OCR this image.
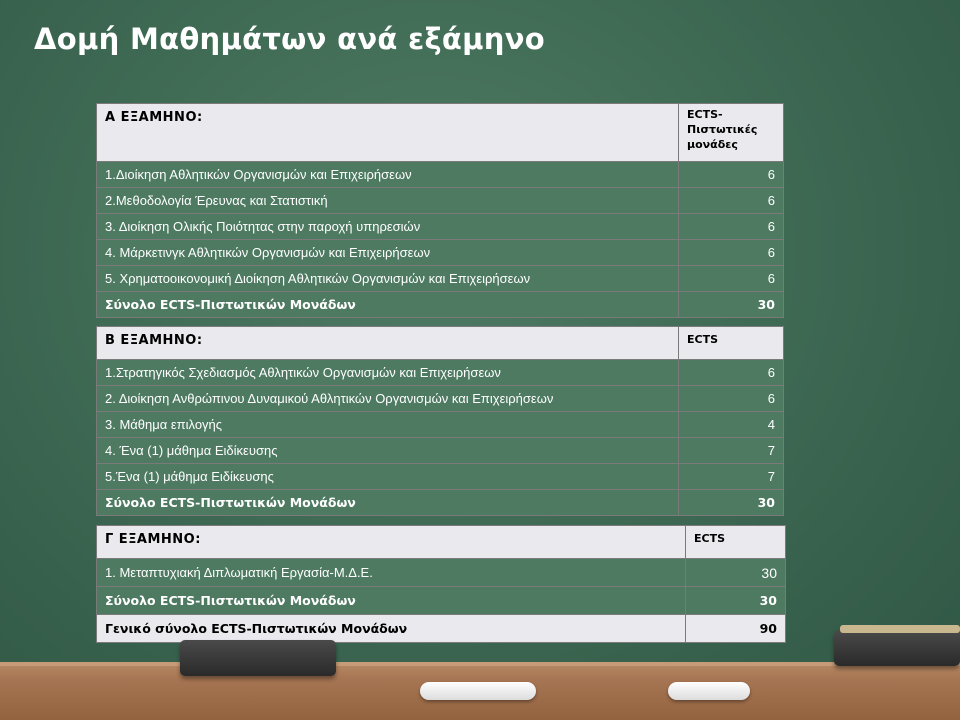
Δομή Μαθημάτων ανά εξάμηνο
Α ΕΞΑΜΗΝΟ:	ECTS-
Πιστωτικές
μονάδες
1.Διοίκηση Αθλητικών Οργανισμών και Επιχειρήσεων	6
2.Μεθοδολογία Έρευνας και Στατιστική	6
3. Διοίκηση Ολικής Ποιότητας στην παροχή υπηρεσιών	6
4. Μάρκετινγκ Αθλητικών Οργανισμών και Επιχειρήσεων	6
5. Χρηματοοικονομική Διοίκηση Αθλητικών Οργανισμών και Επιχειρήσεων	6
Σύνολο ECTS-Πιστωτικών Μονάδων	30
Β ΕΞΑΜΗΝΟ:	ECTS
1.Στρατηγικός Σχεδιασμός Αθλητικών Οργανισμών και Επιχειρήσεων	6
2. Διοίκηση Ανθρώπινου Δυναμικού Αθλητικών Οργανισμών και Επιχειρήσεων	6
3. Μάθημα επιλογής	4
4. Ένα (1) μάθημα Ειδίκευσης	7
5.Ένα (1) μάθημα Ειδίκευσης	7
Σύνολο ECTS-Πιστωτικών Μονάδων	30
Γ ΕΞΑΜΗΝΟ:	ECTS
1. Μεταπτυχιακή Διπλωματική Εργασία-Μ.Δ.Ε.	30
Σύνολο ECTS-Πιστωτικών Μονάδων	30
Γενικό σύνολο ECTS-Πιστωτικών Μονάδων	90
